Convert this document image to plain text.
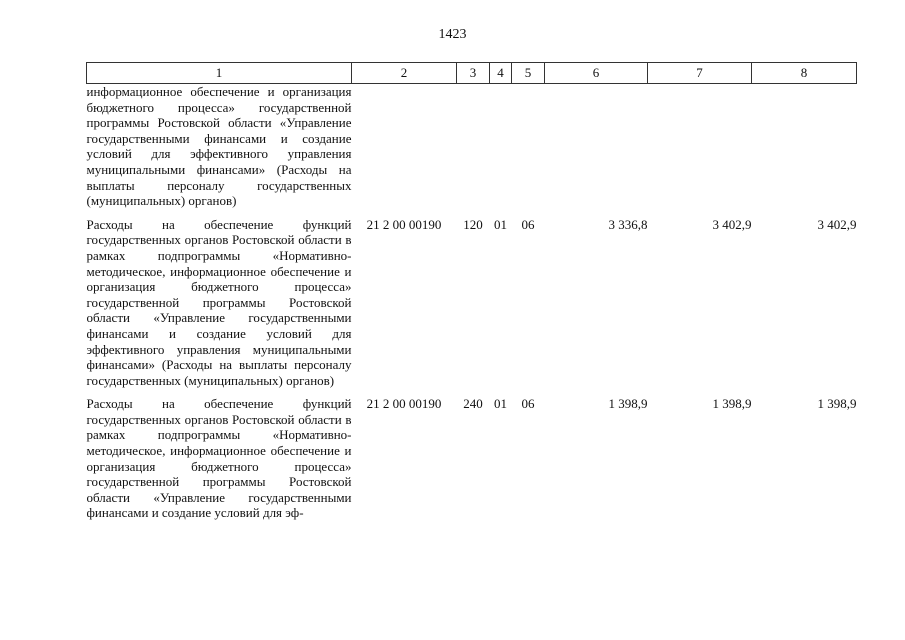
1423
1	2	3	4	5	6	7	8
информационное обеспечение и организация бюджетного процесса» государственной программы Ростовской области «Управление государственными финансами и создание условий для эффективного управления муниципальными финансами» (Расходы на выплаты персоналу государственных (муниципальных) органов)							
Расходы на обеспечение функций государственных органов Ростовской области в рамках подпрограммы «Нормативно-методическое, информационное обеспечение и организация бюджетного процесса» государственной программы Ростовской области «Управление государственными финансами и создание условий для эффективного управления муниципальными финансами» (Расходы на выплаты персоналу государственных (муниципальных) органов)	21 2 00 00190	120	01	06	3 336,8	3 402,9	3 402,9
Расходы на обеспечение функций государственных органов Ростовской области в рамках подпрограммы «Нормативно-методическое, информационное обеспечение и организация бюджетного процесса» государственной программы Ростовской области «Управление государственными финансами и создание условий для эф-	21 2 00 00190	240	01	06	1 398,9	1 398,9	1 398,9
